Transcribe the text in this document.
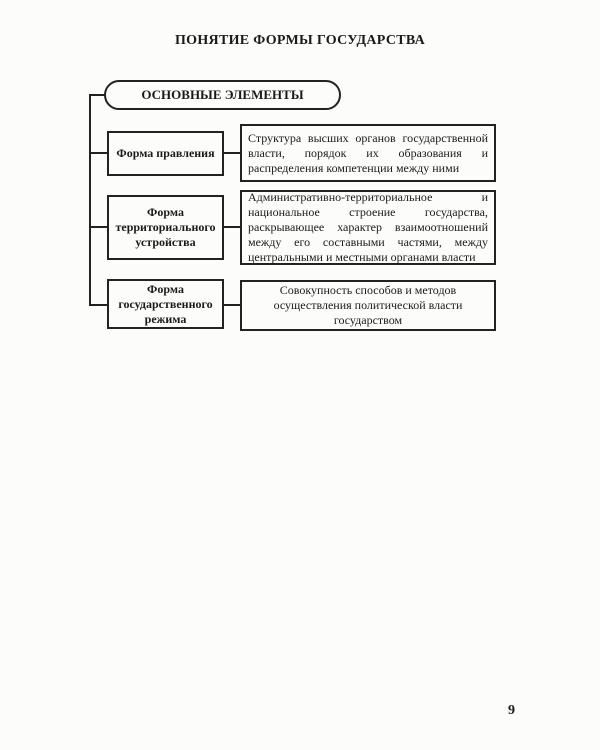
ПОНЯТИЕ ФОРМЫ ГОСУДАРСТВА
ОСНОВНЫЕ ЭЛЕМЕНТЫ
Форма правления
Структура высших органов государственной власти, порядок их образования и распределения компетенции между ними
Форма территориального устройства
Административно-территориальное и национальное строение государства, раскрывающее характер взаимоотношений между его составными частями, между центральными и местными органами власти
Форма государственного режима
Совокупность способов и методов осуществления политической власти государством
9
